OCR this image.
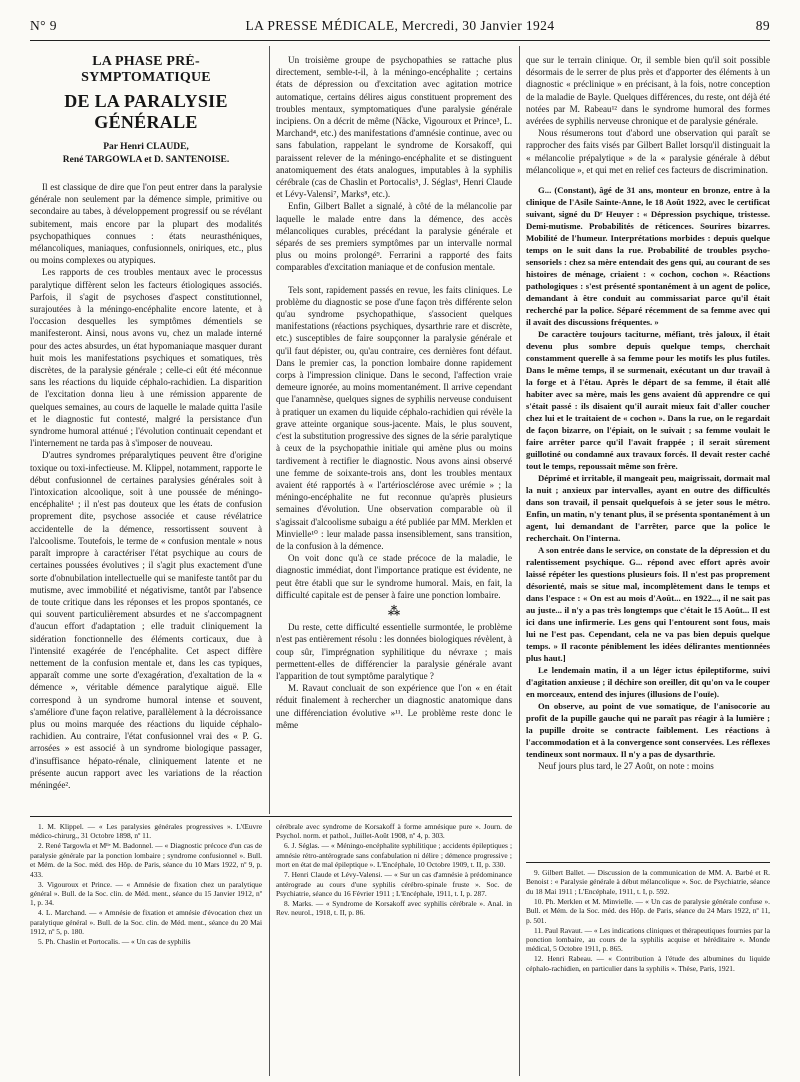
N° 9	LA PRESSE MÉDICALE, Mercredi, 30 Janvier 1924	89
LA PHASE PRÉ-SYMPTOMATIQUE
DE LA PARALYSIE GÉNÉRALE
Par Henri CLAUDE,
René TARGOWLA et D. SANTENOISE.

Il est classique de dire que l'on peut entrer dans la paralysie générale non seulement par la démence simple, primitive ou secondaire au tabes, à développement progressif ou se révélant subitement, mais encore par la plupart des modalités psychopathiques connues : états neurasthéniques, mélancoliques, maniaques, confusionnels, oniriques, etc., plus ou moins complexes ou atypiques.

Les rapports de ces troubles mentaux avec le processus paralytique diffèrent selon les facteurs étiologiques associés. Parfois, il s'agit de psychoses d'aspect constitutionnel, surajoutées à la méningo-encéphalite encore latente, et à l'occasion desquelles les symptômes démentiels se manifesteront. Ainsi, nous avons vu, chez un malade interné pour des actes absurdes, un état hypomaniaque masquer durant huit mois les manifestations psychiques et somatiques, très discrètes, de la paralysie générale ; celle-ci eût été méconnue sans les réactions du liquide céphalo-rachidien. La disparition de l'excitation donna lieu à une rémission apparente de quelques semaines, au cours de laquelle le malade quitta l'asile et le diagnostic fut contesté, malgré la persistance d'un syndrome humoral atténué ; l'évolution continuait cependant et l'internement ne tarda pas à s'imposer de nouveau.

D'autres syndromes préparalytiques peuvent être d'origine toxique ou toxi-infectieuse. M. Klippel, notamment, rapporte le début confusionnel de certaines paralysies générales soit à l'intoxication alcoolique, soit à une poussée de méningo-encéphalite¹ ; il n'est pas douteux que les états de confusion proprement dite, psychose associée et cause révélatrice accidentelle de la démence, ressortissent souvent à l'alcoolisme. Toutefois, le terme de « confusion mentale » nous paraît impropre à caractériser l'état psychique au cours de certaines poussées évolutives ; il s'agit plus exactement d'une sorte d'obnubilation intellectuelle qui se manifeste tantôt par du mutisme, avec immobilité et négativisme, tantôt par l'absence de toute critique dans les réponses et les propos spontanés, ce qui souvent particulièrement absurdes et ne s'accompagnent d'aucun effort d'adaptation ; elle traduit cliniquement la sidération fonctionnelle des éléments corticaux, due à l'intensité exagérée de l'encéphalite. Cet aspect diffère nettement de la confusion mentale et, dans les cas typiques, apparaît comme une sorte d'exagération, d'exaltation de la « démence », véritable démence paralytique aiguë. Elle correspond à un syndrome humoral intense et souvent, s'améliore d'une façon relative, parallèlement à la décroissance plus ou moins marquée des réactions du liquide céphalo-rachidien. Au contraire, l'état confusionnel vrai des « P. G. arrosées » est associé à un syndrome biologique passager, d'insuffisance hépato-rénale, cliniquement latente et ne présente aucun rapport avec les variations de la réaction méningée².

Un troisième groupe de psychopathies se rattache plus directement, semble-t-il, à la méningo-encéphalite ; certains états de dépression ou d'excitation avec agitation motrice automatique, certains délires aigus constituent proprement des troubles mentaux, symptomatiques d'une paralysie générale incipiens. On a décrit de même (Näcke, Vigouroux et Prince³, L. Marchand⁴, etc.) des manifestations d'amnésie continue, avec ou sans fabulation, rappelant le syndrome de Korsakoff, qui paraissent relever de la méningo-encéphalite et se distinguent anatomiquement des états analogues, imputables à la syphilis cérébrale (cas de Chaslin et Portocalis⁵, J. Séglas⁶, Henri Claude et Lévy-Valensi⁷, Marks⁸, etc.).

Enfin, Gilbert Ballet a signalé, à côté de la mélancolie par laquelle le malade entre dans la démence, des accès mélancoliques curables, précédant la paralysie générale et séparés de ses premiers symptômes par un intervalle normal plus ou moins prolongé⁹. Ferrarini a rapporté des faits comparables d'excitation maniaque et de confusion mentale.

Tels sont, rapidement passés en revue, les faits cliniques. Le problème du diagnostic se pose d'une façon très différente selon qu'au syndrome psychopathique, s'associent quelques manifestations (réactions psychiques, dysarthrie rare et discrète, etc.) susceptibles de faire soupçonner la paralysie générale et qu'il faut dépister, ou, qu'au contraire, ces dernières font défaut. Dans le premier cas, la ponction lombaire donne rapidement corps à l'impression clinique. Dans le second, l'affection vraie demeure ignorée, au moins momentanément. Il arrive cependant que l'anamnèse, quelques signes de syphilis nerveuse conduisent à pratiquer un examen du liquide céphalo-rachidien qui révèle la grave atteinte organique sous-jacente. Mais, le plus souvent, c'est la substitution progressive des signes de la série paralytique à ceux de la psychopathie initiale qui amène plus ou moins tardivement à rectifier le diagnostic. Nous avons ainsi observé une femme de soixante-trois ans, dont les troubles mentaux avaient été rapportés à « l'artériosclérose avec urémie » ; la méningo-encéphalite ne fut reconnue qu'après plusieurs semaines d'évolution. Une observation comparable où il s'agissait d'alcoolisme subaigu a été publiée par MM. Merklen et Minvielle¹⁰ : leur malade passa insensiblement, sans transition, de la confusion à la démence.

On voit donc qu'à ce stade précoce de la maladie, le diagnostic immédiat, dont l'importance pratique est évidente, ne peut être établi que sur le syndrome humoral. Mais, en fait, la difficulté capitale est de penser à faire une ponction lombaire.

⁂

Du reste, cette difficulté essentielle surmontée, le problème n'est pas entièrement résolu : les données biologiques révèlent, à coup sûr, l'imprégnation syphilitique du névraxe ; mais permettent-elles de différencier la paralysie générale avant l'apparition de tout symptôme paralytique ?

M. Ravaut concluait de son expérience que l'on « en était réduit finalement à rechercher un diagnostic anatomique dans une différenciation évolutive »¹¹. Le problème reste donc le même

que sur le terrain clinique. Or, il semble bien qu'il soit possible désormais de le serrer de plus près et d'apporter des éléments à un diagnostic « préclinique » en précisant, à la fois, notre conception de la maladie de Bayle. Quelques différences, du reste, ont déjà été notées par M. Rabeau¹² dans le syndrome humoral des formes avérées de syphilis nerveuse chronique et de paralysie générale.

Nous résumerons tout d'abord une observation qui paraît se rapprocher des faits visés par Gilbert Ballet lorsqu'il distinguait la « mélancolie prépalytique » de la « paralysie générale à début mélancolique », et qui met en relief ces facteurs de discrimination.

G... (Constant), âgé de 31 ans, monteur en bronze, entre à la clinique de l'Asile Sainte-Anne, le 18 Août 1922, avec le certificat suivant, signé du Dʳ Heuyer : « Dépression psychique, tristesse. Demi-mutisme. Probabilités de réticences. Sourires bizarres. Mobilité de l'humeur. Interprétations morbides : depuis quelque temps on le suit dans la rue. Probabilité de troubles psycho-sensoriels : chez sa mère entendait des gens qui, au courant de ses histoires de ménage, criaient : « cochon, cochon ». Réactions pathologiques : s'est présenté spontanément à un agent de police, demandant à être conduit au commissariat parce qu'il était recherché par la police. Séparé récemment de sa femme avec qui il avait des discussions fréquentes. »

De caractère toujours taciturne, méfiant, très jaloux, il était devenu plus sombre depuis quelque temps, cherchait constamment querelle à sa femme pour les motifs les plus futiles. Dans le même temps, il se surmenait, exécutant un dur travail à la forge et à l'étau. Après le départ de sa femme, il était allé habiter avec sa mère, mais les gens avaient dû apprendre ce qui s'était passé : ils disaient qu'il aurait mieux fait d'aller coucher chez lui et le traitaient de « cochon ». Dans la rue, on le regardait de façon bizarre, on l'épiait, on le suivait ; sa femme voulait le faire arrêter parce qu'il l'avait frappée ; il serait sûrement guillotiné ou condamné aux travaux forcés. Il devait rester caché tout le temps, repoussait même son frère.

Déprimé et irritable, il mangeait peu, maigrissait, dormait mal la nuit ; anxieux par intervalles, ayant en outre des difficultés dans son travail, il pensait quelquefois à se jeter sous le métro. Enfin, un matin, n'y tenant plus, il se présenta spontanément à un agent, lui demandant de l'arrêter, parce que la police le recherchait. On l'interna.

A son entrée dans le service, on constate de la dépression et du ralentissement psychique. G... répond avec effort après avoir laissé répéter les questions plusieurs fois. Il n'est pas proprement désorienté, mais se situe mal, incomplètement dans le temps et dans l'espace : « On est au mois d'Août... en 1922..., il ne sait pas au juste... il n'y a pas très longtemps que c'était le 15 Août... Il est ici dans une infirmerie. Les gens qui l'entourent sont fous, mais lui ne l'est pas. Cependant, cela ne va pas bien depuis quelque temps. » Il raconte péniblement les idées délirantes mentionnées plus haut.]

Le lendemain matin, il a un léger ictus épileptiforme, suivi d'agitation anxieuse ; il déchire son oreiller, dit qu'on va le couper en morceaux, entend des injures (illusions de l'ouïe).

On observe, au point de vue somatique, de l'anisocorie au profit de la pupille gauche qui ne paraît pas réagir à la lumière ; la pupille droite se contracte faiblement. Les réactions à l'accommodation et à la convergence sont conservées. Les réflexes tendineux sont normaux. Il n'y a pas de dysarthrie.

Neuf jours plus tard, le 27 Août, on note : moins

1. M. Klippel. — « Les paralysies générales progressives ». L'Œuvre médico-chirurg., 31 Octobre 1898, nº 11.

2. René Targowla et Mˡˡᵉ M. Badonnel. — « Diagnostic précoce d'un cas de paralysie générale par la ponction lombaire ; syndrome confusionnel ». Bull. et Mém. de la Soc. méd. des Hôp. de Paris, séance du 10 Mars 1922, nº 9, p. 433.

3. Vigouroux et Prince. — « Amnésie de fixation chez un paralytique général ». Bull. de la Soc. clin. de Méd. ment., séance du 15 Janvier 1912, nº 1, p. 34.

4. L. Marchand. — « Amnésie de fixation et amnésie d'évocation chez un paralytique général ». Bull. de la Soc. clin. de Méd. ment., séance du 20 Mai 1912, nº 5, p. 180.

5. Ph. Chaslin et Portocalis. — « Un cas de syphilis

cérébrale avec syndrome de Korsakoff à forme amnésique pure ». Journ. de Psychol. norm. et pathol., Juillet-Août 1908, nº 4, p. 303.

6. J. Séglas. — « Méningo-encéphalite syphilitique ; accidents épileptiques ; amnésie rétro-antérograde sans confabulation ni délire ; démence progressive ; mort en état de mal épileptique ». L'Encéphale, 10 Octobre 1909, t. II, p. 330.

7. Henri Claude et Lévy-Valensi. — « Sur un cas d'amnésie à prédominance antérograde au cours d'une syphilis cérébro-spinale fruste ». Soc. de Psychiatrie, séance du 16 Février 1911 ; L'Encéphale, 1911, t. I, p. 287.

8. Marks. — « Syndrome de Korsakoff avec syphilis cérébrale ». Anal. in Rev. neurol., 1918, t. II, p. 86.

9. Gilbert Ballet. — Discussion de la communication de MM. A. Barbé et R. Benoist : « Paralysie générale à début mélancolique ». Soc. de Psychiatrie, séance du 18 Mai 1911 ; L'Encéphale, 1911, t. I, p. 592.

10. Ph. Merklen et M. Minvielle. — « Un cas de paralysie générale confuse ». Bull. et Mém. de la Soc. méd. des Hôp. de Paris, séance du 24 Mars 1922, nº 11, p. 501.

11. Paul Ravaut. — « Les indications cliniques et thérapeutiques fournies par la ponction lombaire, au cours de la syphilis acquise et héréditaire ». Monde médical, 5 Octobre 1911, p. 865.

12. Henri Rabeau. — « Contribution à l'étude des albumines du liquide céphalo-rachidien, en particulier dans la syphilis ». Thèse, Paris, 1921.
